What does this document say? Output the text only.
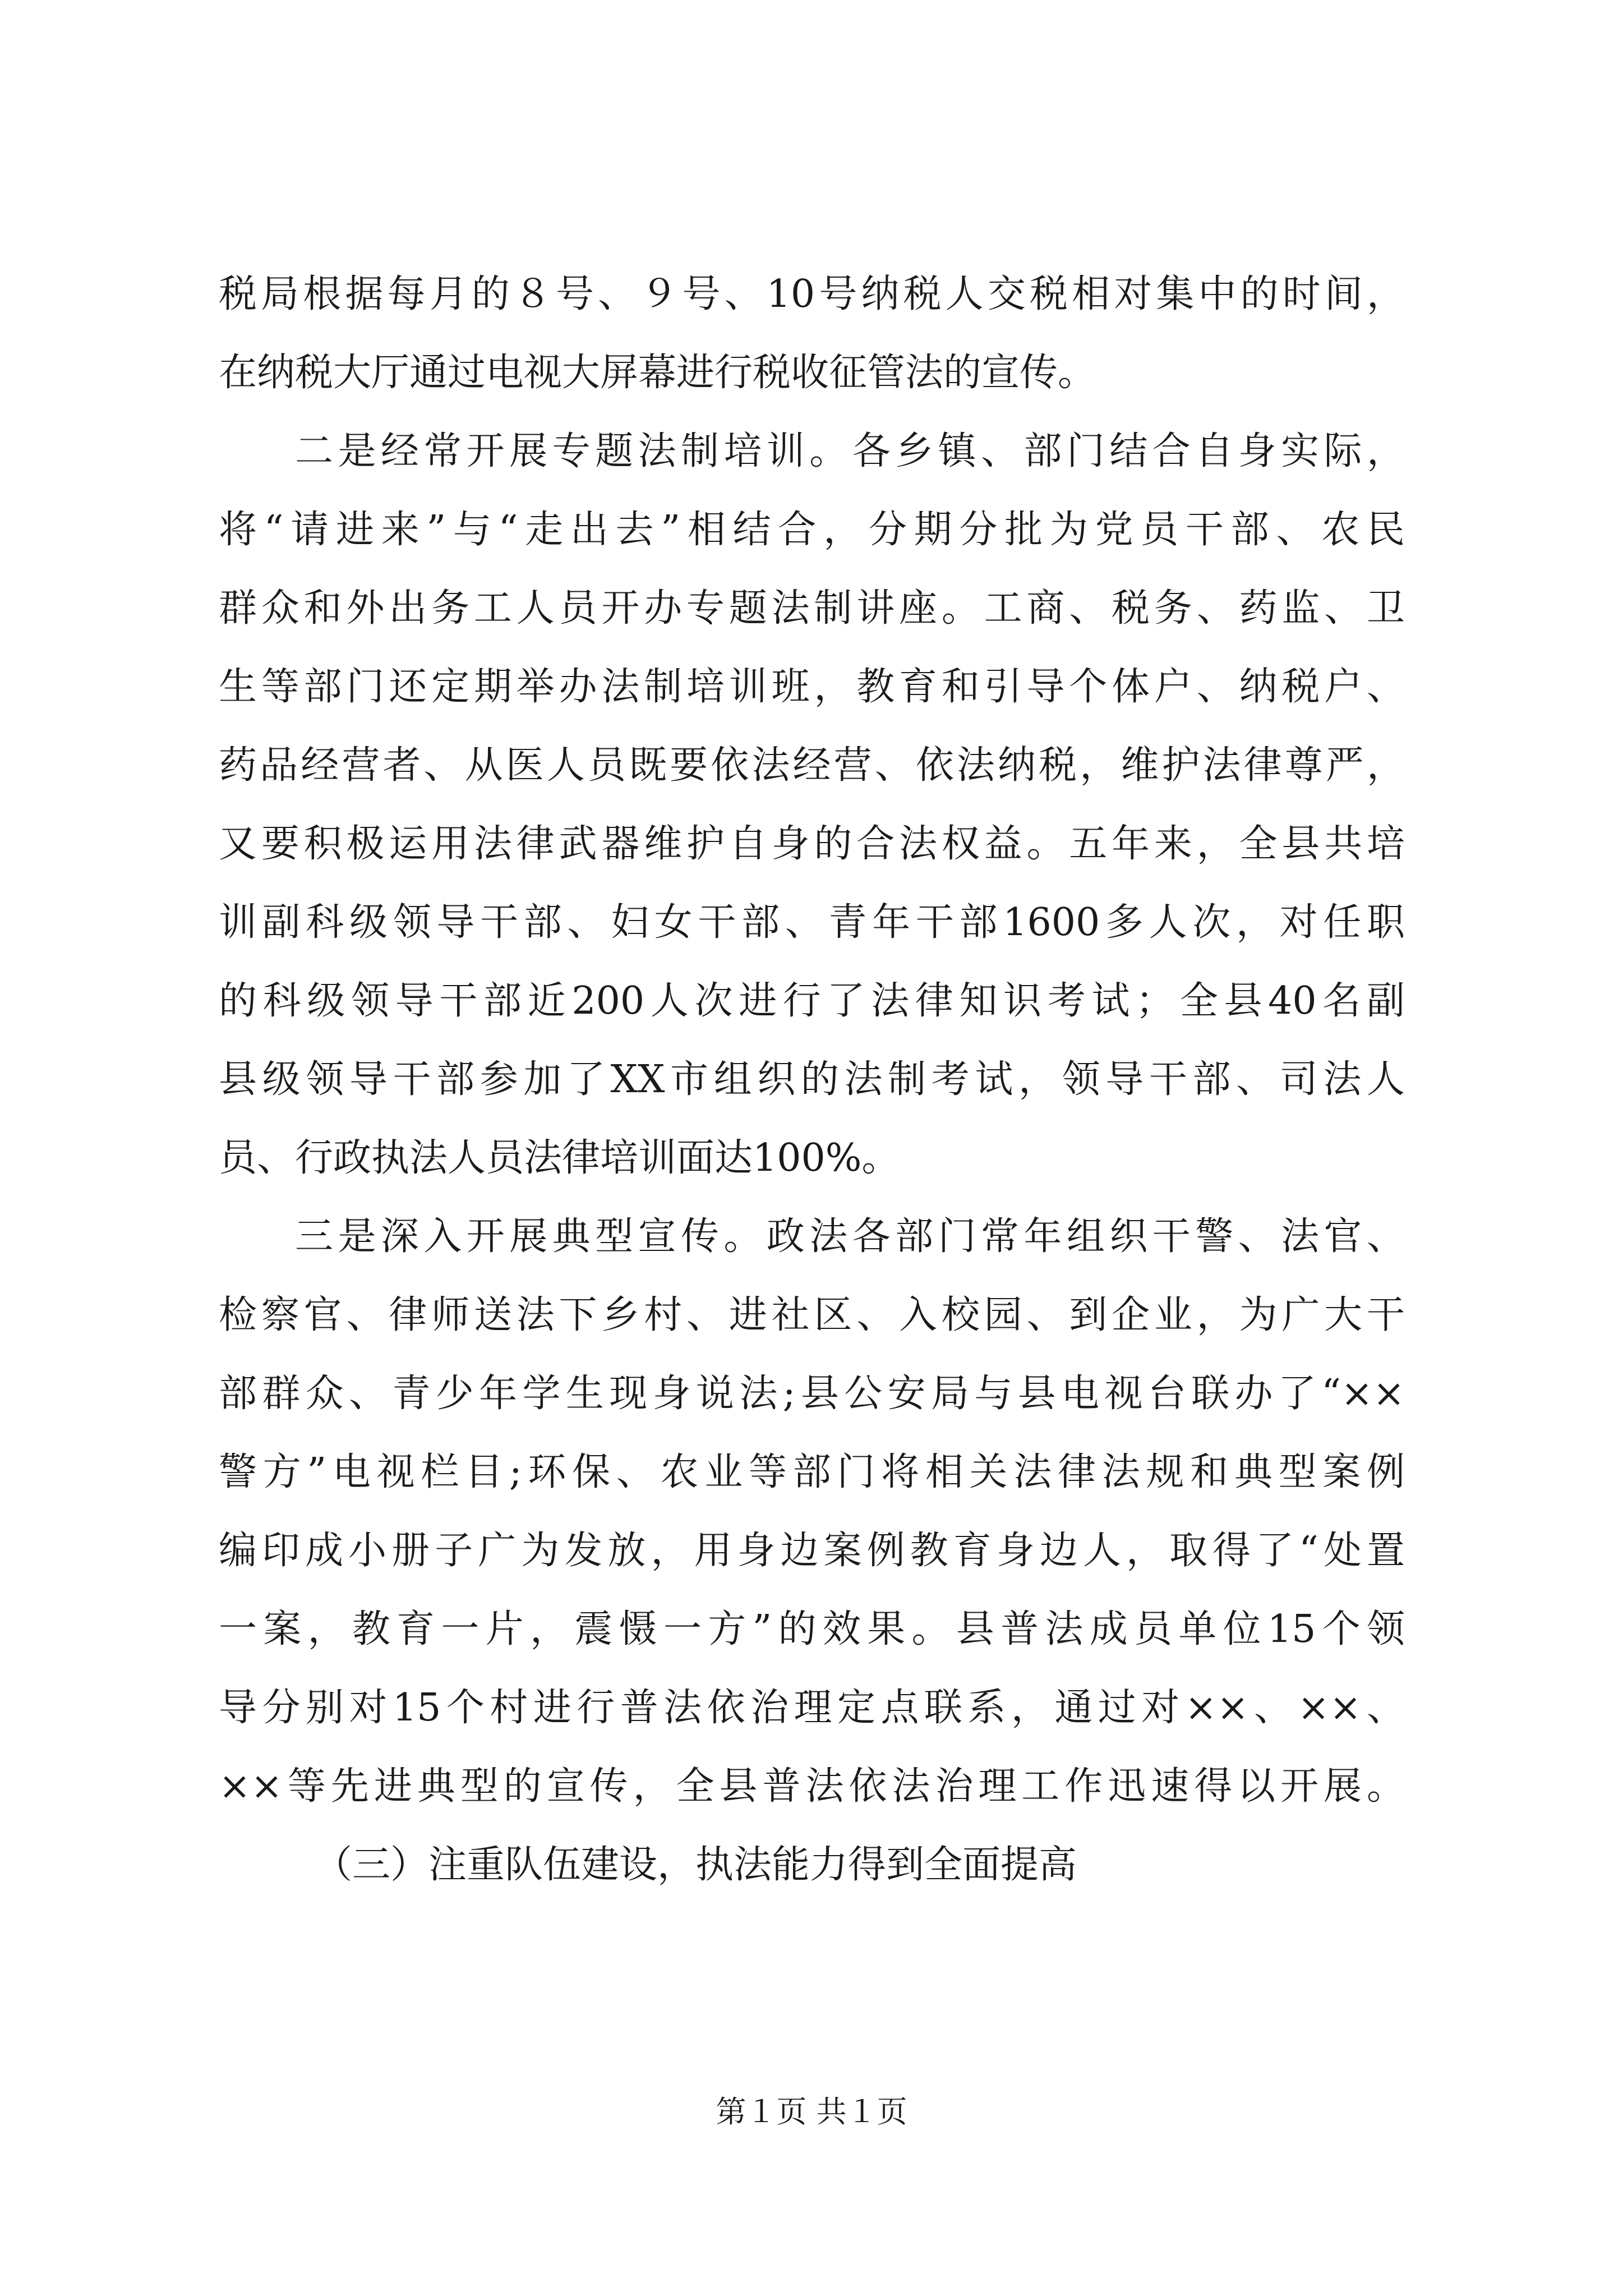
税局根据每月的８号、９号、10号纳税人交税相对集中的时间，
在纳税大厅通过电视大屏幕进行税收征管法的宣传。
二是经常开展专题法制培训。各乡镇、部门结合自身实际，
将“请进来”与“走出去”相结合，分期分批为党员干部、农民
群众和外出务工人员开办专题法制讲座。工商、税务、药监、卫
生等部门还定期举办法制培训班，教育和引导个体户、纳税户、
药品经营者、从医人员既要依法经营、依法纳税，维护法律尊严，
又要积极运用法律武器维护自身的合法权益。五年来，全县共培
训副科级领导干部、妇女干部、青年干部1600多人次，对任职
的科级领导干部近200人次进行了法律知识考试；全县40名副
县级领导干部参加了XX市组织的法制考试，领导干部、司法人
员、行政执法人员法律培训面达100%。
三是深入开展典型宣传。政法各部门常年组织干警、法官、
检察官、律师送法下乡村、进社区、入校园、到企业，为广大干
部群众、青少年学生现身说法;县公安局与县电视台联办了“××
警方”电视栏目;环保、农业等部门将相关法律法规和典型案例
编印成小册子广为发放，用身边案例教育身边人，取得了“处置
一案，教育一片，震慑一方”的效果。县普法成员单位15个领
导分别对15个村进行普法依治理定点联系，通过对××、××、
××等先进典型的宣传，全县普法依法治理工作迅速得以开展。
（三）注重队伍建设，执法能力得到全面提高
第１页 共１页
